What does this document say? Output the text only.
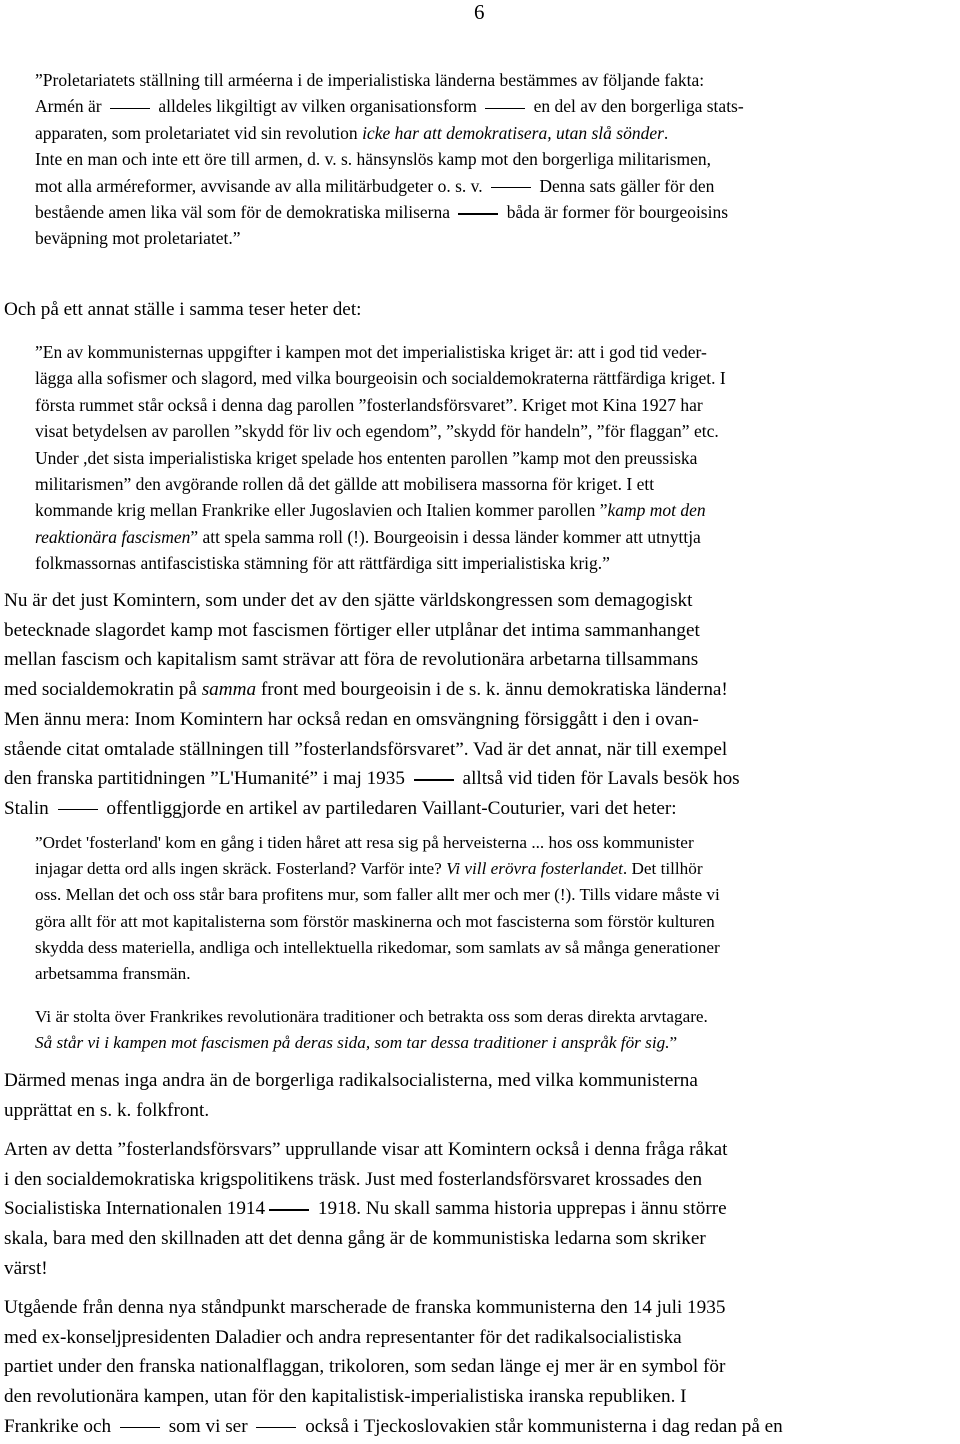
6

”Proletariatets ställning till arméerna i de imperialistiska länderna bestämmes av följande fakta:
Armén är	alldeles likgiltigt av vilken organisationsform	en del av den borgerliga stats-
apparaten, som proletariatet vid sin revolution icke har att demokratisera, utan slå sönder.
Inte en man och inte ett öre till armen, d. v. s. hänsynslös kamp mot den borgerliga militarismen,
mot alla arméreformer, avvisande av alla militärbudgeter o. s. v.	Denna sats gäller för den
bestående amen lika väl som för de demokratiska miliserna	båda är former för bourgeoisins
beväpning mot proletariatet.”

Och på ett annat ställe i samma teser heter det:

”En av kommunisternas uppgifter i kampen mot det imperialistiska kriget är: att i god tid veder-
lägga alla sofismer och slagord, med vilka bourgeoisin och socialdemokraterna rättfärdiga kriget. I
första rummet står också i denna dag parollen ”fosterlandsförsvaret”. Kriget mot Kina 1927 har
visat betydelsen av parollen ”skydd för liv och egendom”, ”skydd för handeln”, ”för flaggan” etc.
Under ,det sista imperialistiska kriget spelade hos ententen parollen ”kamp mot den preussiska
militarismen” den avgörande rollen då det gällde att mobilisera massorna för kriget. I ett
kommande krig mellan Frankrike eller Jugoslavien och Italien kommer parollen ”kamp mot den
reaktionära fascismen” att spela samma roll (!). Bourgeoisin i dessa länder kommer att utnyttja
folkmassornas antifascistiska stämning för att rättfärdiga sitt imperialistiska krig.”

Nu är det just Komintern, som under det av den sjätte världskongressen som demagogiskt
betecknade slagordet kamp mot fascismen förtiger eller utplånar det intima sammanhanget
mellan fascism och kapitalism samt strävar att föra de revolutionära arbetarna tillsammans
med socialdemokratin på samma front med bourgeoisin i de s. k. ännu demokratiska länderna!
Men ännu mera: Inom Komintern har också redan en omsvängning försiggått i den i ovan-
stående citat omtalade ställningen till ”fosterlandsförsvaret”. Vad är det annat, när till exempel
den franska partitidningen ”L'Humanité” i maj 1935	alltså vid tiden för Lavals besök hos
Stalin	offentliggjorde en artikel av partiledaren Vaillant-Couturier, vari det heter:

”Ordet 'fosterland' kom en gång i tiden håret att resa sig på herveisterna ... hos oss kommunister
injagar detta ord alls ingen skräck. Fosterland? Varför inte? Vi vill erövra fosterlandet. Det tillhör
oss. Mellan det och oss står bara profitens mur, som faller allt mer och mer (!). Tills vidare måste vi
göra allt för att mot kapitalisterna som förstör maskinerna och mot fascisterna som förstör kulturen
skydda dess materiella, andliga och intellektuella rikedomar, som samlats av så många generationer
arbetsamma fransmän.

Vi är stolta över Frankrikes revolutionära traditioner och betrakta oss som deras direkta arvtagare.
Så står vi i kampen mot fascismen på deras sida, som tar dessa traditioner i anspråk för sig.”

Därmed menas inga andra än de borgerliga radikalsocialisterna, med vilka kommunisterna
upprättat en s. k. folkfront.

Arten av detta ”fosterlandsförsvars” upprullande visar att Komintern också i denna fråga råkat
i den socialdemokratiska krigspolitikens träsk. Just med fosterlandsförsvaret krossades den
Socialistiska Internationalen 1914	1918. Nu skall samma historia upprepas i ännu större
skala, bara med den skillnaden att det denna gång är de kommunistiska ledarna som skriker
värst!

Utgående från denna nya ståndpunkt marscherade de franska kommunisterna den 14 juli 1935
med ex-konseljpresidenten Daladier och andra representanter för det radikalsocialistiska
partiet under den franska nationalflaggan, trikoloren, som sedan länge ej mer är en symbol för
den revolutionära kampen, utan för den kapitalistisk-imperialistiska iranska republiken. I
Frankrike och	som vi ser	också i Tjeckoslovakien står kommunisterna i dag redan på en
